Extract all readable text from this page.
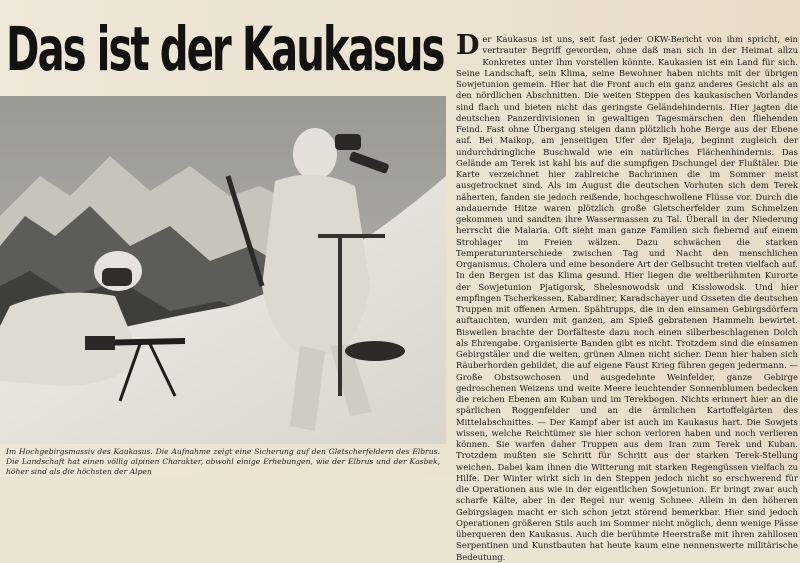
Das ist der Kaukasus
Im Hochgebirgsmassiv des Kaukasus. Die Aufnahme zeigt eine Sicherung auf den Gletscherfeldern des Elbrus. Die Landschaft hat einen völlig alpinen Charakter, obwohl einige Erhebungen, wie der Elbrus und der Kasbek, höher sind als die höchsten der Alpen
Der Kaukasus ist uns, seit fast jeder OKW-Bericht von ihm spricht, ein vertrauter Begriff geworden, ohne daß man sich in der Heimat allzu Konkretes unter ihm vorstellen könnte. Kaukasien ist ein Land für sich. Seine Landschaft, sein Klima, seine Bewohner haben nichts mit der übrigen Sowjetunion gemein. Hier hat die Front auch ein ganz anderes Gesicht als an den nördlichen Abschnitten. Die weiten Steppen des kaukasischen Vorlandes sind flach und bieten nicht das geringste Geländehindernis. Hier jagten die deutschen Panzerdivisionen in gewaltigen Tagesmärschen den fliehenden Feind. Fast ohne Übergang steigen dann plötzlich hohe Berge aus der Ebene auf. Bei Maikop, am jenseitigen Ufer der Bjelaja, beginnt zugleich der undurchdringliche Buschwald wie ein natürliches Flächenhindernis. Das Gelände am Terek ist kahl bis auf die sumpfigen Dschungel der Flußtäler. Die Karte verzeichnet hier zahlreiche Bachrinnen die im Sommer meist ausgetrocknet sind. Als im August die deutschen Vorhuten sich dem Terek näherten, fanden sie jedoch reißende, hochgeschwollene Flüsse vor. Durch die andauernde Hitze waren plötzlich große Gletscherfelder zum Schmelzen gekommen und sandten ihre Wassermassen zu Tal. Überall in der Niederung herrscht die Malaria. Oft sieht man ganze Familien sich fiebernd auf einem Strohlager im Freien wälzen. Dazu schwächen die starken Temperaturunterschiede zwischen Tag und Nacht den menschlichen Organismus. Cholera und eine besondere Art der Gelbsucht treten vielfach auf. In den Bergen ist das Klima gesund. Hier liegen die weltberühmten Kurorte der Sowjetunion Pjatigorsk, Shelesnowodsk und Kisslowodsk. Und hier empfingen Tscherkessen, Kabardiner, Karadschayer und Osseten die deutschen Truppen mit offenen Armen. Spähtrupps, die in den einsamen Gebirgsdörfern auftauchten, wurden mit ganzen, am Spieß gebratenen Hammeln bewirtet. Bisweilen brachte der Dorfälteste dazu noch einen silberbeschlagenen Dolch als Ehrengabe. Organisierte Banden gibt es nicht. Trotzdem sind die einsamen Gebirgstäler und die weiten, grünen Almen nicht sicher. Denn hier haben sich Räuberhorden gebildet, die auf eigene Faust Krieg führen gegen jedermann. — Große Obstsowchosen und ausgedehnte Weinfelder, ganze Gebirge gedroschenen Weizens und weite Meere leuchtender Sonnenblumen bedecken die reichen Ebenen am Kuban und im Terekbogen. Nichts erinnert hier an die spärlichen Roggenfelder und an die ärmlichen Kartoffelgärten des Mittelabschnittes. — Der Kampf aber ist auch im Kaukasus hart. Die Sowjets wissen, welche Reichtümer sie hier schon verloren haben und noch verlieren können. Sie warfen daher Truppen aus dem Iran zum Terek und Kuban. Trotzdem mußten sie Schritt für Schritt aus der starken Terek-Stellung weichen. Dabei kam ihnen die Witterung mit starken Regengüssen vielfach zu Hilfe. Der Winter wirkt sich in den Steppen jedoch nicht so erschwerend für die Operationen aus wie in der eigentlichen Sowjetunion. Er bringt zwar auch scharfe Kälte, aber in der Regel nur wenig Schnee. Allein in den höheren Gebirgslagen macht er sich schon jetzt störend bemerkbar. Hier sind jedoch Operationen größeren Stils auch im Sommer nicht möglich, denn wenige Pässe überqueren den Kaukasus. Auch die berühmte Heerstraße mit ihren zahllosen Serpentinen und Kunstbauten hat heute kaum eine nennenswerte militärische Bedeutung.
